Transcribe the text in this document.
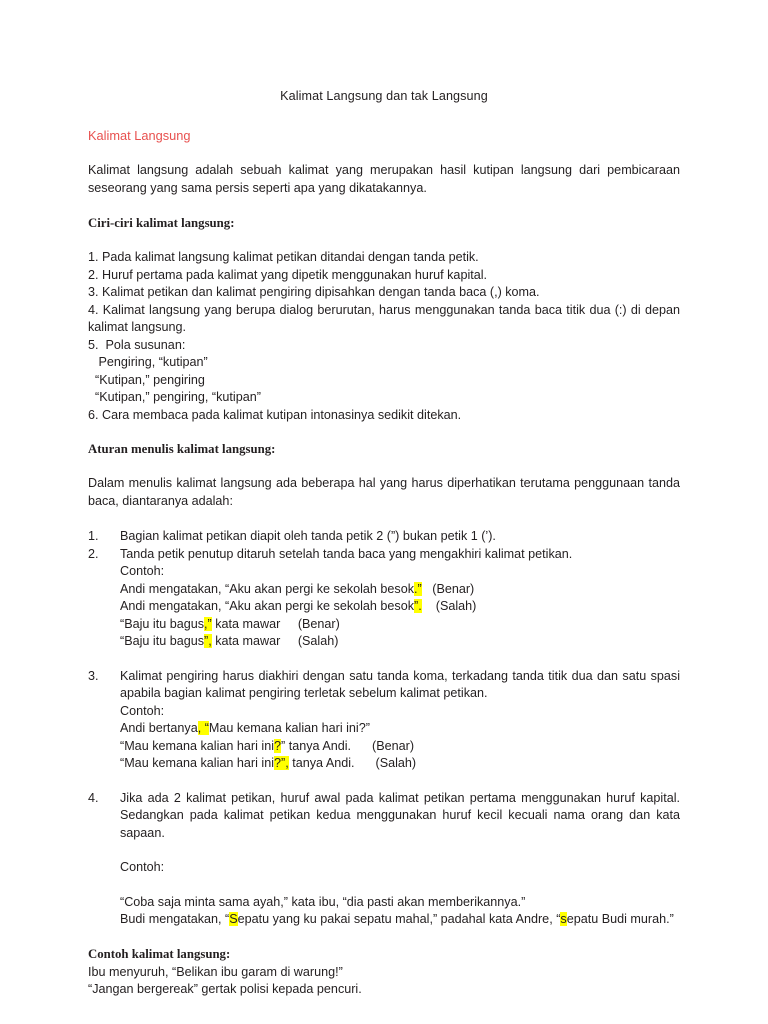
Kalimat Langsung dan tak Langsung
Kalimat Langsung
Kalimat langsung adalah sebuah kalimat yang merupakan hasil kutipan langsung dari pembicaraan seseorang yang sama persis seperti apa yang dikatakannya.
Ciri-ciri kalimat langsung:
1. Pada kalimat langsung kalimat petikan ditandai dengan tanda petik.
2. Huruf pertama pada kalimat yang dipetik menggunakan huruf kapital.
3. Kalimat petikan dan kalimat pengiring dipisahkan dengan tanda baca (,) koma.
4. Kalimat langsung yang berupa dialog berurutan, harus menggunakan tanda baca titik dua (:) di depan kalimat langsung.
5.  Pola susunan:
Pengiring, “kutipan”
“Kutipan,” pengiring
“Kutipan,” pengiring, “kutipan”
6. Cara membaca pada kalimat kutipan intonasinya sedikit ditekan.
Aturan menulis kalimat langsung:
Dalam menulis kalimat langsung ada beberapa hal yang harus diperhatikan terutama penggunaan tanda baca, diantaranya adalah:
1.	Bagian kalimat petikan diapit oleh tanda petik 2 (”) bukan petik 1 (’).
2.	Tanda petik penutup ditaruh setelah tanda baca yang mengakhiri kalimat petikan.
Contoh:
Andi mengatakan, “Aku akan pergi ke sekolah besok.” (Benar)
Andi mengatakan, “Aku akan pergi ke sekolah besok”. (Salah)
“Baju itu bagus,” kata mawar (Benar)
“Baju itu bagus”, kata mawar (Salah)
3.	Kalimat pengiring harus diakhiri dengan satu tanda koma, terkadang tanda titik dua dan satu spasi apabila bagian kalimat pengiring terletak sebelum kalimat petikan.
Contoh:
Andi bertanya, “Mau kemana kalian hari ini?”
“Mau kemana kalian hari ini?” tanya Andi. (Benar)
“Mau kemana kalian hari ini?”, tanya Andi. (Salah)
4.	Jika ada 2 kalimat petikan, huruf awal pada kalimat petikan pertama menggunakan huruf kapital. Sedangkan pada kalimat petikan kedua menggunakan huruf kecil kecuali nama orang dan kata sapaan.
Contoh:
“Coba saja minta sama ayah,” kata ibu, “dia pasti akan memberikannya.”
Budi mengatakan, “Sepatu yang ku pakai sepatu mahal,” padahal kata Andre, “sepatu Budi murah.”
Contoh kalimat langsung:
Ibu menyuruh, “Belikan ibu garam di warung!”
“Jangan bergereak” gertak polisi kepada pencuri.
